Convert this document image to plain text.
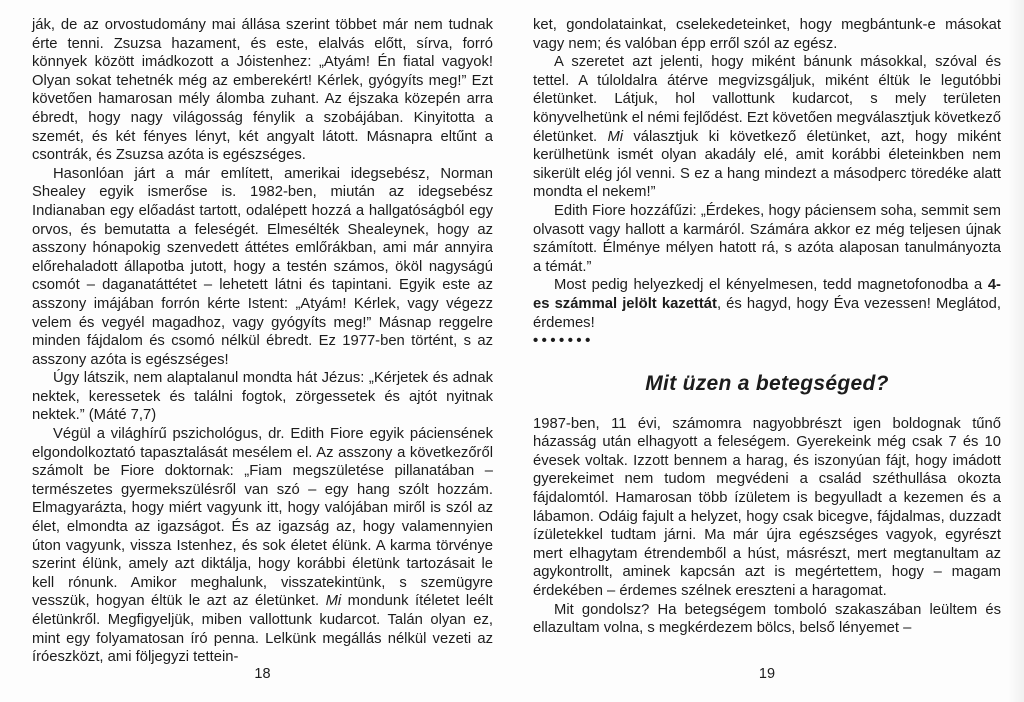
ják, de az orvostudomány mai állása szerint többet már nem tudnak érte tenni. Zsuzsa hazament, és este, elalvás előtt, sírva, forró könnyek között imádkozott a Jóistenhez: „Atyám! Én fiatal vagyok! Olyan sokat tehetnék még az emberekért! Kérlek, gyógyíts meg!” Ezt követően hamarosan mély álomba zuhant. Az éjszaka közepén arra ébredt, hogy nagy világosság fénylik a szobájában. Kinyitotta a szemét, és két fényes lényt, két angyalt látott. Másnapra eltűnt a csontrák, és Zsuzsa azóta is egészséges.

Hasonlóan járt a már említett, amerikai idegsebész, Norman Shealey egyik ismerőse is. 1982-ben, miután az idegsebész Indianaban egy előadást tartott, odalépett hozzá a hallgatóságból egy orvos, és bemutatta a feleségét. Elmesélték Shealeynek, hogy az asszony hónapokig szenvedett áttétes emlőrákban, ami már annyira előrehaladott állapotba jutott, hogy a testén számos, ököl nagyságú csomót – daganatáttétet – lehetett látni és tapintani. Egyik este az asszony imájában forrón kérte Istent: „Atyám! Kérlek, vagy végezz velem és vegyél magadhoz, vagy gyógyíts meg!” Másnap reggelre minden fájdalom és csomó nélkül ébredt. Ez 1977-ben történt, s az asszony azóta is egészséges!

Úgy látszik, nem alaptalanul mondta hát Jézus: „Kérjetek és adnak nektek, keressetek és találni fogtok, zörgessetek és ajtót nyitnak nektek.” (Máté 7,7)

Végül a világhírű pszichológus, dr. Edith Fiore egyik páciensének elgondolkoztató tapasztalását mesélem el. Az asszony a következőről számolt be Fiore doktornak: „Fiam megszületése pillanatában – természetes gyermekszülésről van szó – egy hang szólt hozzám. Elmagyarázta, hogy miért vagyunk itt, hogy valójában miről is szól az élet, elmondta az igazságot. És az igazság az, hogy valamennyien úton vagyunk, vissza Istenhez, és sok életet élünk. A karma törvénye szerint élünk, amely azt diktálja, hogy korábbi életünk tartozásait le kell rónunk. Amikor meghalunk, visszatekintünk, s szemügyre vesszük, hogyan éltük le azt az életünket. Mi mondunk ítéletet leélt életünkről. Megfigyeljük, miben vallottunk kudarcot. Talán olyan ez, mint egy folyamatosan író penna. Lelkünk megállás nélkül vezeti az íróeszközt, ami följegyzi tettein-

18

ket, gondolatainkat, cselekedeteinket, hogy megbántunk-e másokat vagy nem; és valóban épp erről szól az egész.

A szeretet azt jelenti, hogy miként bánunk másokkal, szóval és tettel. A túloldalra átérve megvizsgáljuk, miként éltük le legutóbbi életünket. Látjuk, hol vallottunk kudarcot, s mely területen könyvelhetünk el némi fejlődést. Ezt követően megválasztjuk következő életünket. Mi választjuk ki következő életünket, azt, hogy miként kerülhetünk ismét olyan akadály elé, amit korábbi életeinkben nem sikerült elég jól venni. S ez a hang mindezt a másodperc töredéke alatt mondta el nekem!”

Edith Fiore hozzáfűzi: „Érdekes, hogy páciensem soha, semmit sem olvasott vagy hallott a karmáról. Számára akkor ez még teljesen újnak számított. Élménye mélyen hatott rá, s azóta alaposan tanulmányozta a témát.”

Most pedig helyezkedj el kényelmesen, tedd magnetofonodba a 4-es számmal jelölt kazettát, és hagyd, hogy Éva vezessen! Meglátod, érdemes!

•••••••

Mit üzen a betegséged?

1987-ben, 11 évi, számomra nagyobbrészt igen boldognak tűnő házasság után elhagyott a feleségem. Gyerekeink még csak 7 és 10 évesek voltak. Izzott bennem a harag, és iszonyúan fájt, hogy imádott gyerekeimet nem tudom megvédeni a család széthullása okozta fájdalomtól. Hamarosan több ízületem is begyulladt a kezemen és a lábamon. Odáig fajult a helyzet, hogy csak bicegve, fájdalmas, duzzadt ízületekkel tudtam járni. Ma már újra egészséges vagyok, egyrészt mert elhagytam étrendemből a húst, másrészt, mert megtanultam az agykontrollt, aminek kapcsán azt is megértettem, hogy – magam érdekében – érdemes szélnek ereszteni a haragomat.

Mit gondolsz? Ha betegségem tomboló szakaszában leültem és ellazultam volna, s megkérdezem bölcs, belső lényemet –

19
